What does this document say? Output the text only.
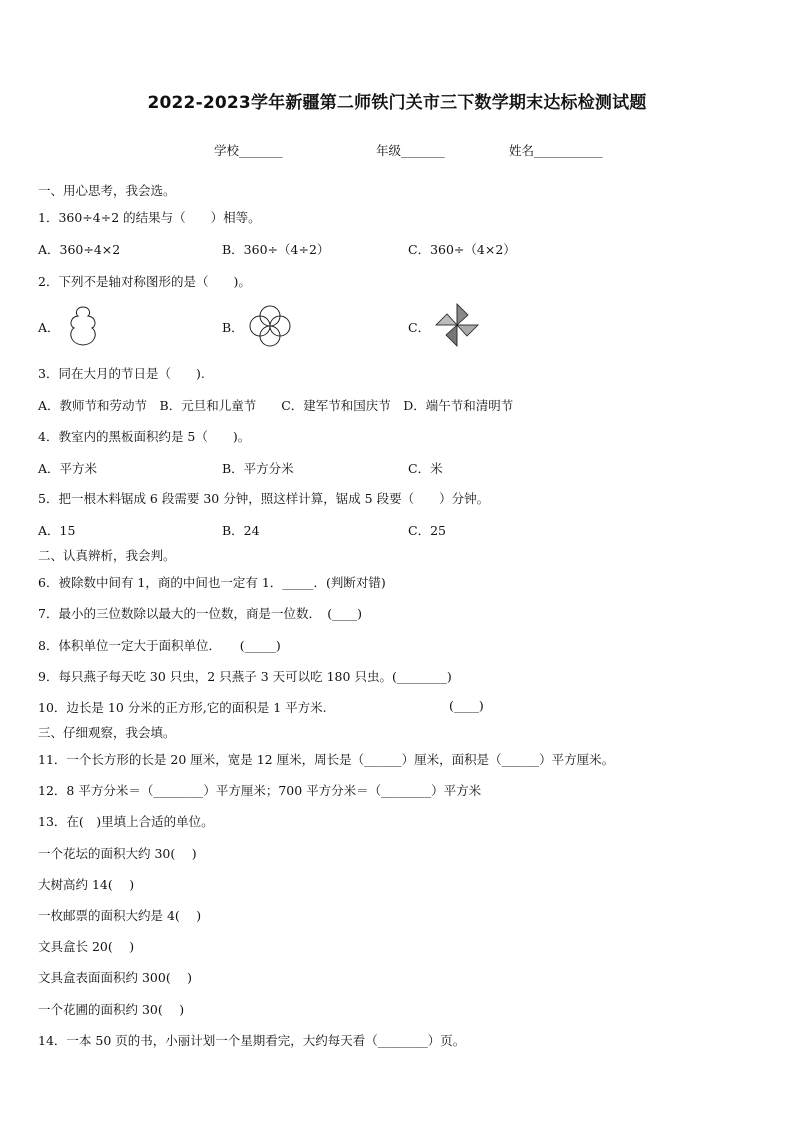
2022-2023学年新疆第二师铁门关市三下数学期末达标检测试题
学校_______	年级_______	姓名___________
一、用心思考，我会选。
1．360÷4÷2 的结果与（　　）相等。
A．360÷4×2	B．360÷（4÷2）	C．360÷（4×2）
2．下列不是轴对称图形的是（　　)。
A．	B．	C．
3．同在大月的节日是（　　).
A．教师节和劳动节　B．元旦和儿童节　　C．建军节和国庆节　D．端午节和清明节
4．教室内的黑板面积约是 5（　　)。
A．平方米	B．平方分米	C．米
5．把一根木料锯成 6 段需要 30 分钟，照这样计算，锯成 5 段要（　　）分钟。
A．15	B．24	C．25
二、认真辨析，我会判。
6．被除数中间有 1，商的中间也一定有 1．_____．(判断对错)
7．最小的三位数除以最大的一位数，商是一位数．　(____)
8．体积单位一定大于面积单位．　　(_____)
9．每只燕子每天吃 30 只虫，2 只燕子 3 天可以吃 180 只虫。(________)
10．边长是 10 分米的正方形,它的面积是 1 平方米.	(____)
三、仔细观察，我会填。
11．一个长方形的长是 20 厘米，宽是 12 厘米，周长是（______）厘米，面积是（______）平方厘米。
12．8 平方分米＝（________）平方厘米；700 平方分米＝（________）平方米
13．在(　)里填上合适的单位。
一个花坛的面积大约 30(　 )
大树高约 14(　 )
一枚邮票的面积大约是 4(　 )
文具盒长 20(　 )
文具盒表面面积约 300(　 )
一个花圃的面积约 30(　 )
14．一本 50 页的书，小丽计划一个星期看完，大约每天看（________）页。
